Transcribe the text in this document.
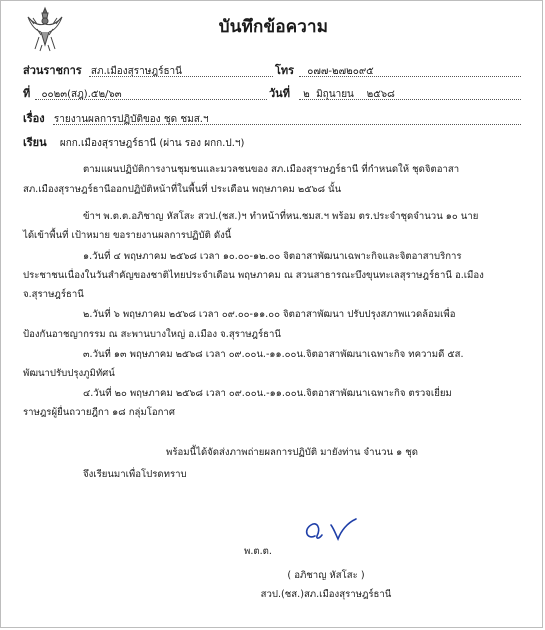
บันทึกข้อความ
ส่วนราชการ สภ.เมืองสุราษฎร์ธานี	โทร ๐๗๗-๒๗๒๐๙๕
ที่ ๐๐๒๓(สฎ).๕๒/๖๓	วันที่ ๒  มิถุนายน    ๒๕๖๘
เรื่อง รายงานผลการปฏิบัติของ ชุด ชมส.ฯ
เรียน ผกก.เมืองสุราษฎร์ธานี (ผ่าน รอง ผกก.ป.ฯ)
ตามแผนปฏิบัติการงานชุมชนและมวลชนของ สภ.เมืองสุราษฎร์ธานี ที่กำหนดให้ ชุดจิตอาสา
สภ.เมืองสุราษฎร์ธานีออกปฏิบัติหน้าที่ในพื้นที่ ประเดือน พฤษภาคม ๒๕๖๘ นั้น
ข้าฯ พ.ต.ต.อภิชาญ หัสโสะ สวป.(ชส.)ฯ ทำหน้าที่หน.ชมส.ฯ พร้อม ตร.ประจำชุดจำนวน ๑๐ นาย
ได้เข้าพื้นที่ เป้าหมาย ขอรายงานผลการปฏิบัติ ดังนี้
๑.วันที่ ๔ พฤษภาคม ๒๕๖๘ เวลา ๑๐.๐๐-๑๒.๐๐ จิตอาสาพัฒนาเฉพาะกิจและจิตอาสาบริการ
ประชาชนเนื่องในวันสำคัญของชาติไทยประจำเดือน พฤษภาคม ณ สวนสาธารณะบึงขุนทะเลสุราษฎร์ธานี อ.เมือง
จ.สุราษฎร์ธานี
๒.วันที่ ๖ พฤษภาคม ๒๕๖๘ เวลา ๐๙.๐๐-๑๑.๐๐ จิตอาสาพัฒนา ปรับปรุงสภาพแวดล้อมเพื่อ
ป้องกันอาชญากรรม ณ สะพานบางใหญ่ อ.เมือง จ.สุราษฎร์ธานี
๓.วันที่ ๑๓ พฤษภาคม ๒๕๖๘ เวลา ๐๙.๐๐น.-๑๑.๐๐น.จิตอาสาพัฒนาเฉพาะกิจ ทความดี ๕ส.
พัฒนาปรับปรุงภูมิทัศน์
๔.วันที่ ๒๐ พฤษภาคม ๒๕๖๘ เวลา ๐๙.๐๐น.-๑๑.๐๐น.จิตอาสาพัฒนาเฉพาะกิจ ตรวจเยี่ยม
ราษฎรผู้ยื่นถวายฎีกา ๑๘ กลุ่มโอกาศ
พร้อมนี้ได้จัดส่งภาพถ่ายผลการปฏิบัติ มายังท่าน จำนวน ๑ ชุด
จึงเรียนมาเพื่อโปรดทราบ
พ.ต.ต.
( อภิชาญ หัสโสะ )
สวป.(ชส.)สภ.เมืองสุราษฎร์ธานี
